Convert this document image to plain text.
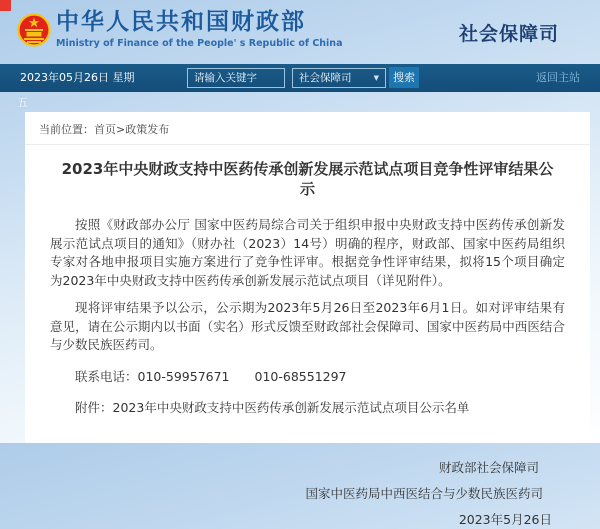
中华人民共和国财政部
Ministry of Finance of the People' s Republic of China	社会保障司
2023年05月26日 星期
请输入关键字	社会保障司	▼	搜索	返回主站
五
当前位置：首页>政策发布
2023年中央财政支持中医药传承创新发展示范试点项目竞争性评审结果公示

按照《财政部办公厅 国家中医药局综合司关于组织申报中央财政支持中医药传承创新发展示范试点项目的通知》（财办社（2023）14号）明确的程序，财政部、国家中医药局组织专家对各地申报项目实施方案进行了竞争性评审。根据竞争性评审结果，拟将15个项目确定为2023年中央财政支持中医药传承创新发展示范试点项目（详见附件）。

现将评审结果予以公示，公示期为2023年5月26日至2023年6月1日。如对评审结果有意见，请在公示期内以书面（实名）形式反馈至财政部社会保障司、国家中医药局中西医结合与少数民族医药司。

联系电话：010-59957671 010-68551297

附件：2023年中央财政支持中医药传承创新发展示范试点项目公示名单

财政部社会保障司
国家中医药局中西医结合与少数民族医药司
2023年5月26日
